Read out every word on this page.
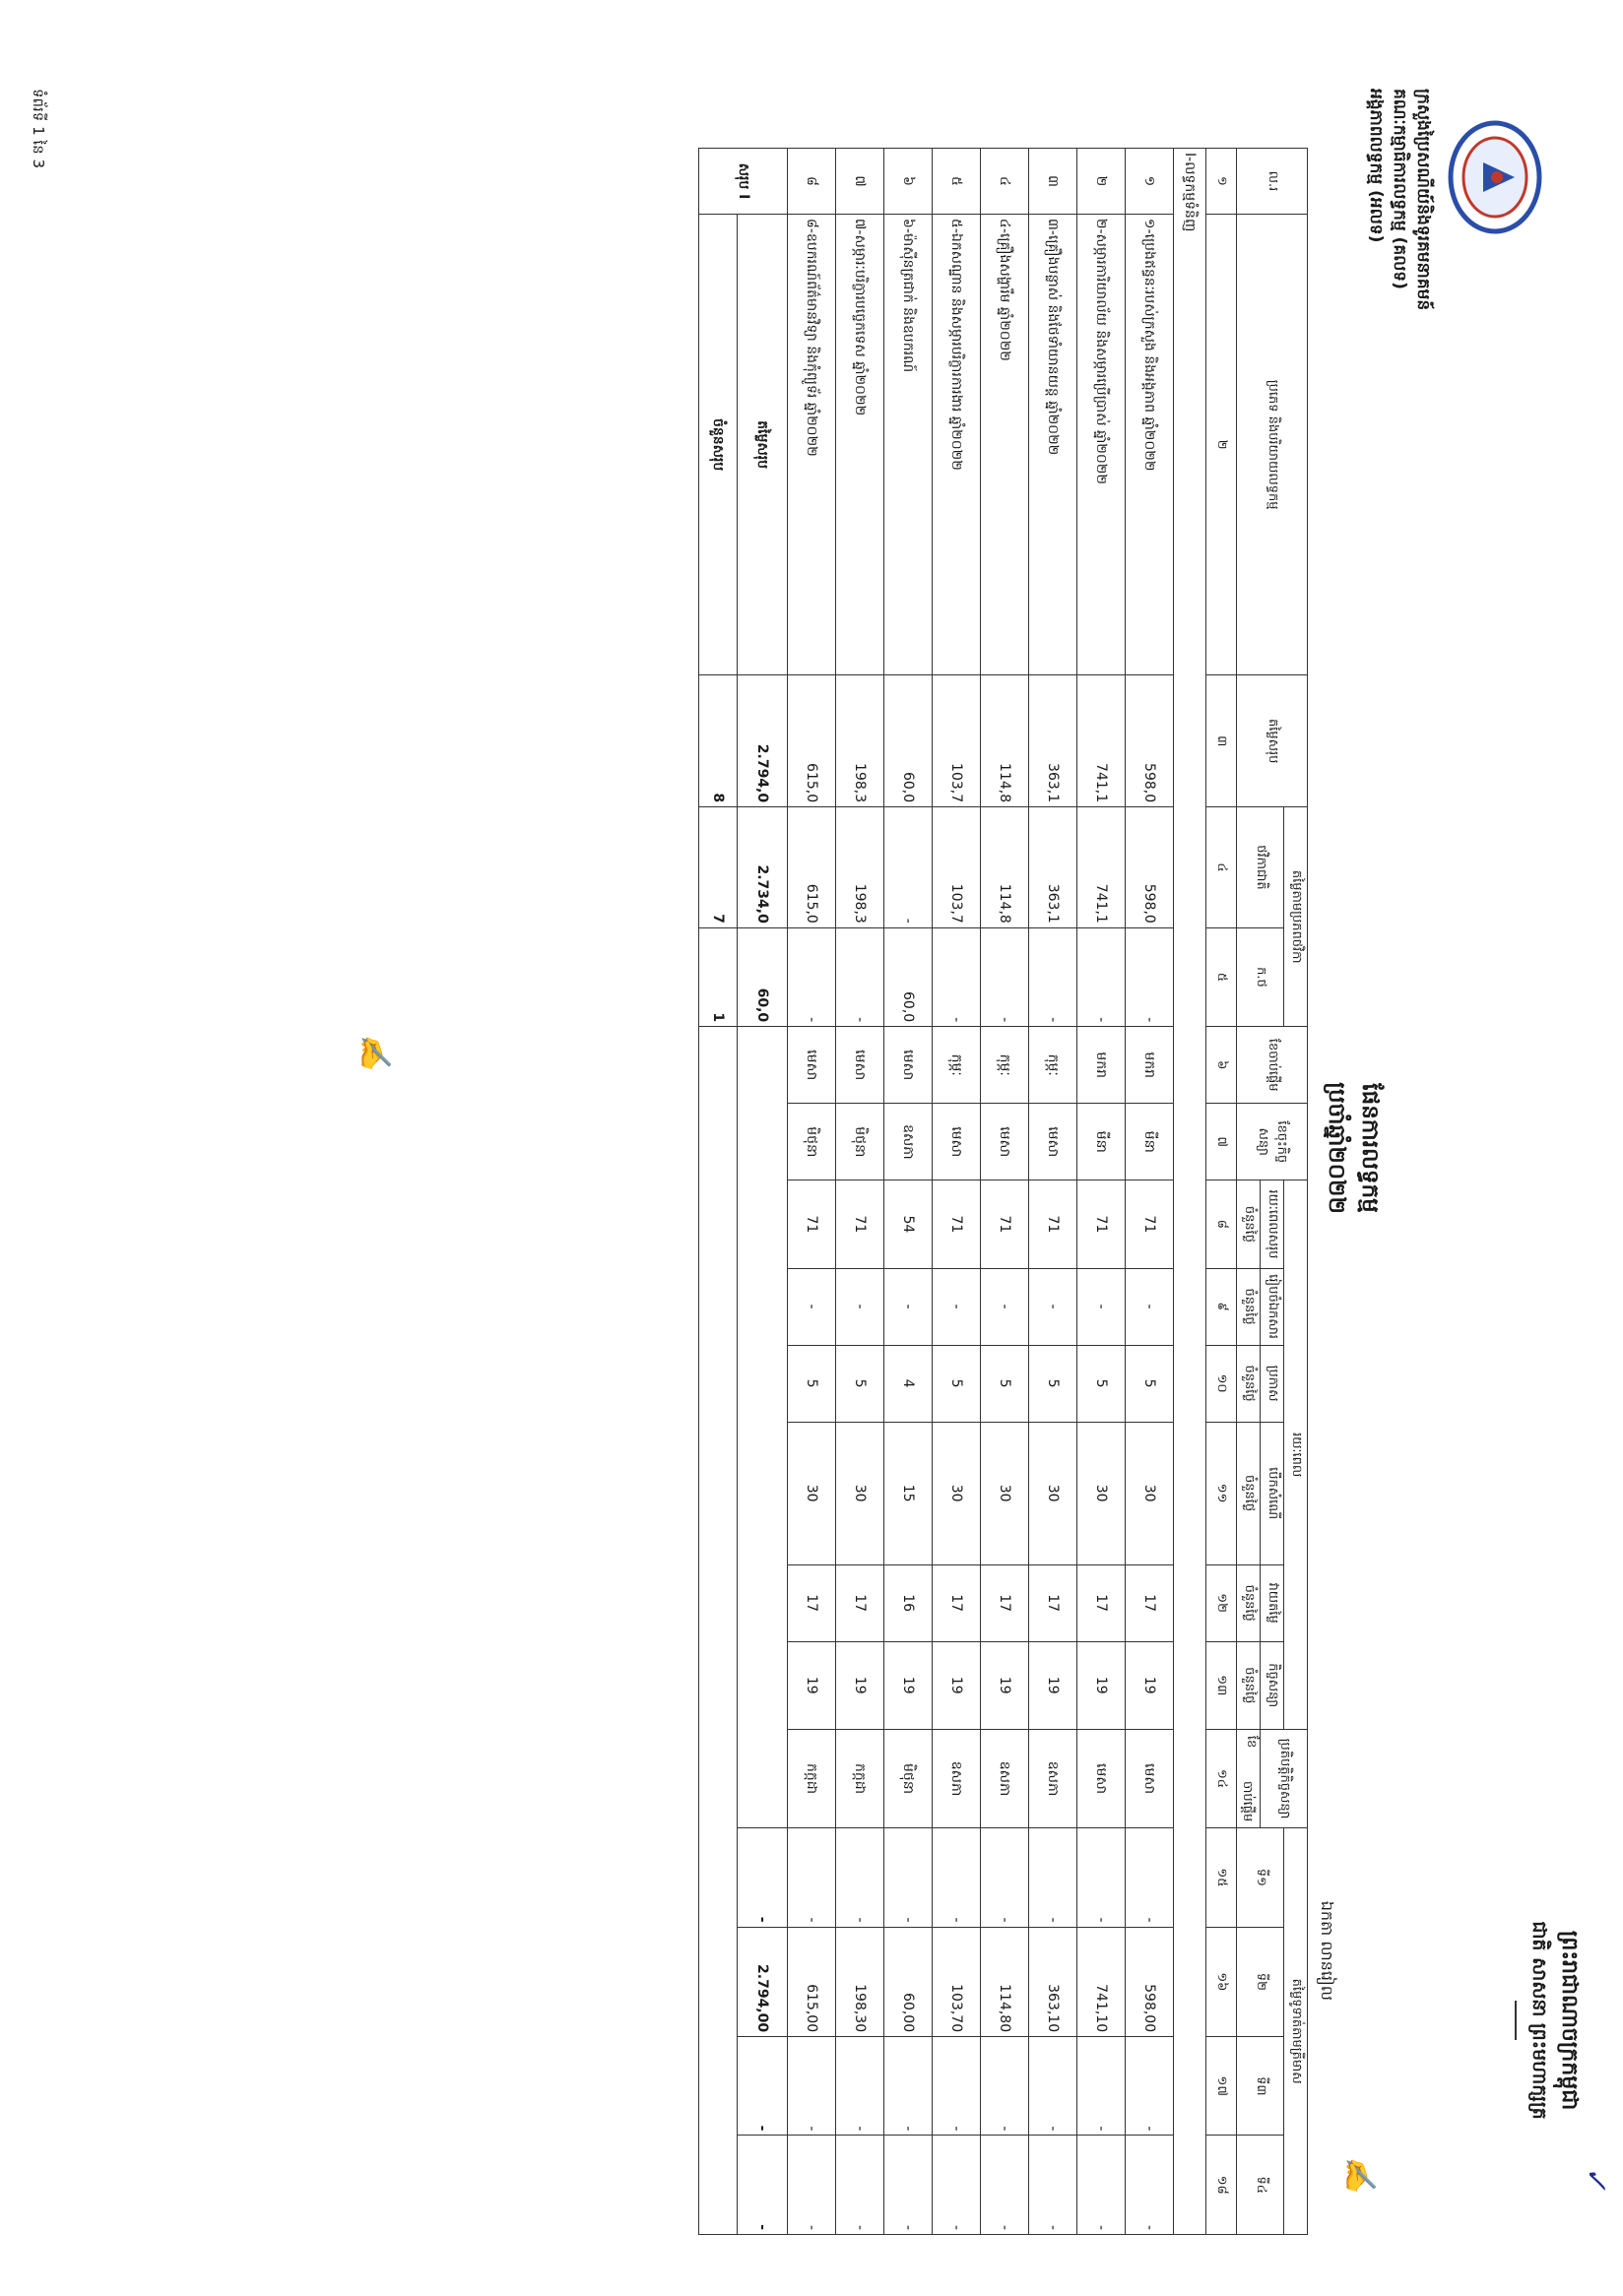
ក្រសួងប្រៃសណីយ៍និងទូរគមនាគមន៍
គណៈកម្មាធិការលទ្ធកម្ម (គលទ)
អង្គភាពលទ្ធកម្ម (អលទ)
ព្រះរាជាណាចក្រកម្ពុជា
ជាតិ សាសនា ព្រះមហាក្សត្រ
ផែនការលទ្ធកម្ម
ប្រចាំឆ្នាំ២០២២
ឯកតា លានរៀល
ល.រ	ប្រភេទ និងបរិយាយលទ្ធកម្ម	តម្លៃសរុប	តម្លៃតាមប្រភពថវិកា		ខែចាប់ផ្តើម	ខែចុះកិច្ចសន្យា	រយៈពេល						ប្រតិបត្តិកិច្ចសន្យា	តម្លៃទូទាត់តាមត្រីមាស			
			ថវិកាជាតិ	ក.ថ			រយៈពេលសរុប	រៀបចំឯកសារ	ប្រកាស	បើកសំណើ	វាយតម្លៃ	កិច្ចសន្យា		ទី១	ទី២	ទី៣	ទី៤
							ចំនួនថ្ងៃ	ចំនួនថ្ងៃ	ចំនួនថ្ងៃ	ចំនួនថ្ងៃ	ចំនួនថ្ងៃ	ចំនួនថ្ងៃ	ចាប់ផ្តើម
ខែ				

១	២	៣	៤	៥	៦	៧	៨	៩	១០	១១	១២	១៣	១៤	១៥	១៦	១៧	១៨
I-លទ្ធកម្មទំនិញ																	
១	១-ប្រេងឥន្ធនៈរបស់ក្រសួង និងអង្គភាព ឆ្នាំ២០២២	598,0	598,0	-	មករា	មីនា	71	-	5	30	17	19	មេសា	-	598,00	-	-
២	២-សម្ភារការិយាល័យ និងសម្ភារប្រើប្រាស់ ឆ្នាំ២០២២	741,1	741,1	-	មករា	មីនា	71	-	5	30	17	19	មេសា	-	741,10	-	-
៣	៣-គ្រឿងបន្លាស់ និងថែទាំយានយន្ត ឆ្នាំ២០២២	363,1	363,1	-	កុម្ភៈ	មេសា	71	-	5	30	17	19	ឧសភា	-	363,10	-	-
៤	៤-គ្រឿងសង្ហារឹម ឆ្នាំ២០២២	114,8	114,8	-	កុម្ភៈ	មេសា	71	-	5	30	17	19	ឧសភា	-	114,80	-	-
៥	៥-ឯកសណ្ឋាន និងសម្ភារបរិក្ខារការងារ ឆ្នាំ២០២២	103,7	103,7	-	កុម្ភៈ	មេសា	71	-	5	30	17	19	ឧសភា	-	103,70	-	-
៦	៦-ម៉ាស៊ីនត្រជាក់ និងឧបករណ៍	60,0	-	60,0	មេសា	ឧសភា	54	-	4	15	16	19	មិថុនា	-	60,00	-	-
៧	៧-សម្ភារៈបរិក្ខារបច្ចេកទេស ឆ្នាំ២០២២	198,3	198,3	-	មេសា	មិថុនា	71	-	5	30	17	19	កក្កដា	-	198,30	-	-
៨	៨-ឧបករណ៍ព័ត៌មានវិទ្យា និងកុំព្យូទ័រ ឆ្នាំ២០២២	615,0	615,0	-	មេសា	មិថុនា	71	-	5	30	17	19	កក្កដា	-	615,00	-	-
សរុប I	តម្លៃសរុប	2.794,0	2.734,0	60,0										-	2.794,00	-	-
	ចំនួនសរុប	8	7	1													
ទំព័រទី 1 នៃ 3
✓
✍
✍
